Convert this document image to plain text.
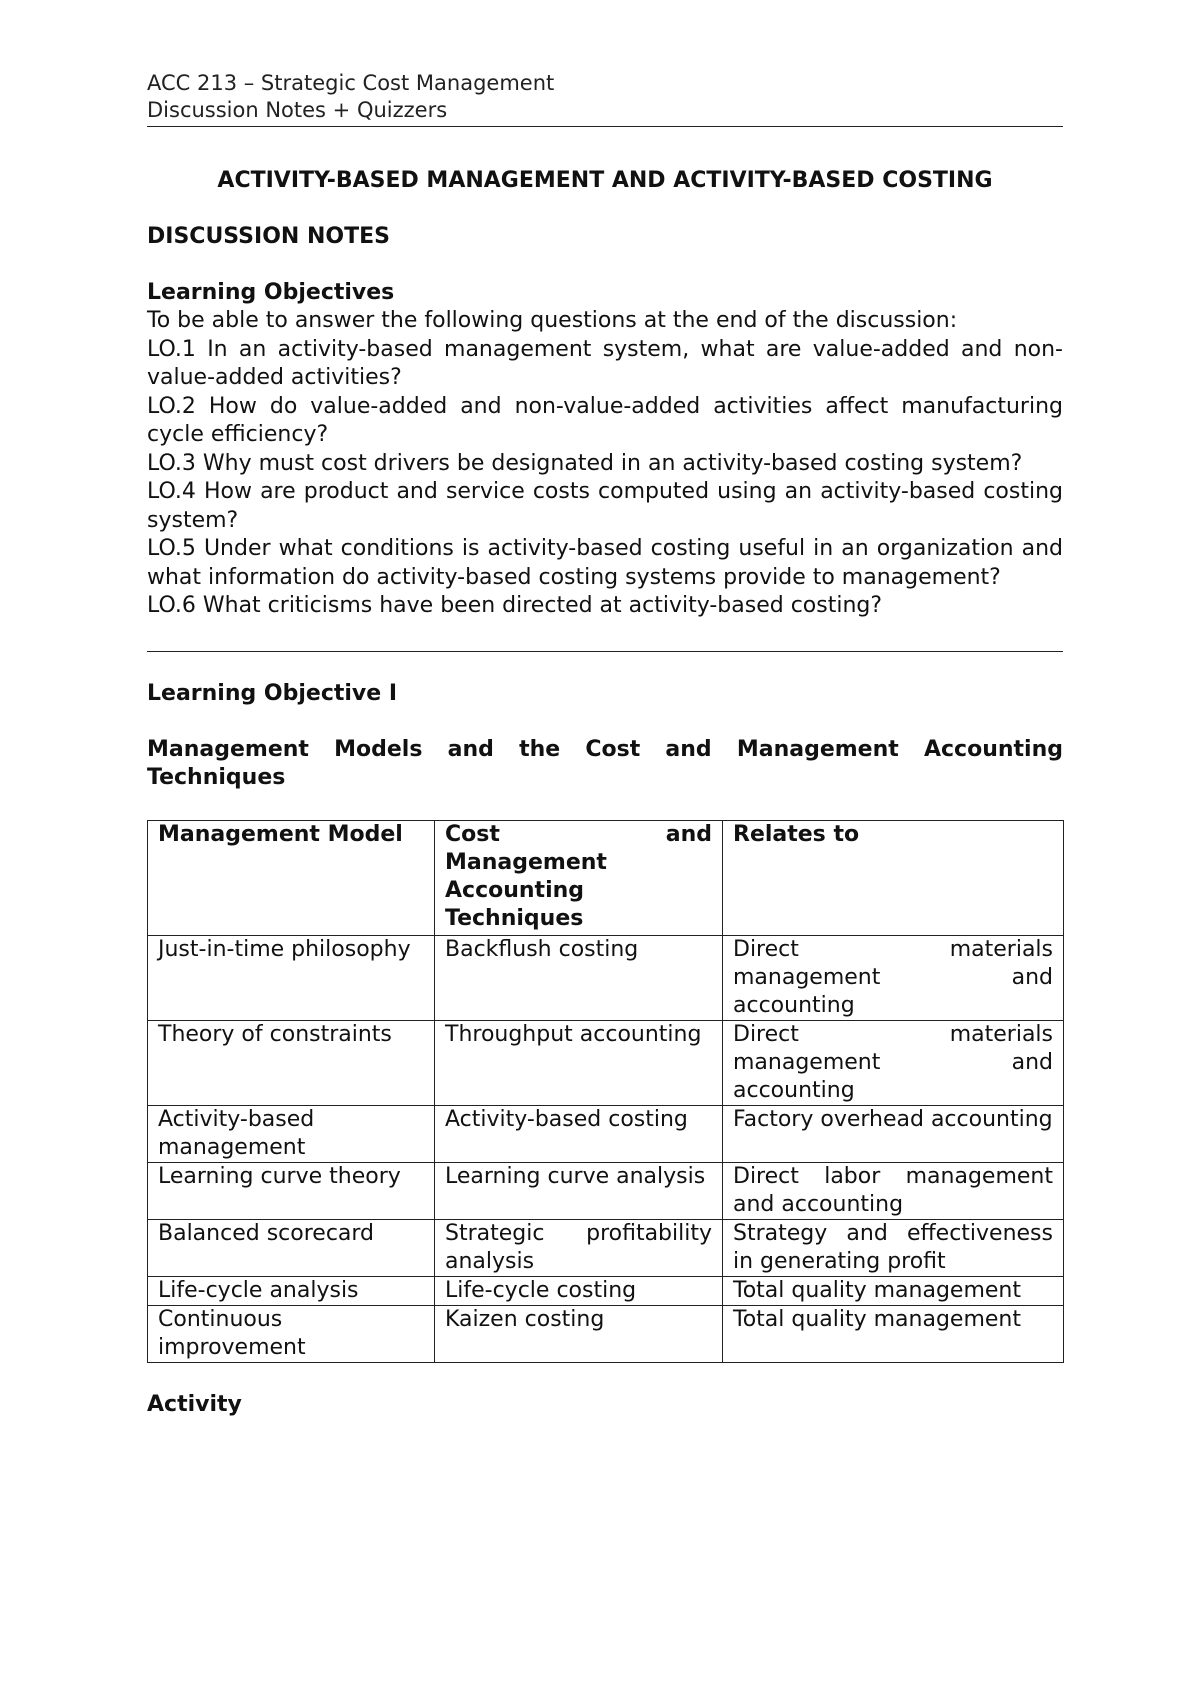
ACC 213 – Strategic Cost Management
Discussion Notes + Quizzers
ACTIVITY-BASED MANAGEMENT AND ACTIVITY-BASED COSTING
DISCUSSION NOTES
Learning Objectives
To be able to answer the following questions at the end of the discussion:
LO.1 In an activity-based management system, what are value-added and non-value-added activities?
LO.2 How do value-added and non-value-added activities affect manufacturing cycle efficiency?
LO.3 Why must cost drivers be designated in an activity-based costing system?
LO.4 How are product and service costs computed using an activity-based costing system?
LO.5 Under what conditions is activity-based costing useful in an organization and what information do activity-based costing systems provide to management?
LO.6 What criticisms have been directed at activity-based costing?
Learning Objective I
Management Models and the Cost and Management Accounting Techniques
Management Model	Cost and Management Accounting Techniques	Relates to
Just-in-time philosophy	Backflush costing	Direct materials management and accounting
Theory of constraints	Throughput accounting	Direct materials management and accounting
Activity-based management	Activity-based costing	Factory overhead accounting
Learning curve theory	Learning curve analysis	Direct labor management and accounting
Balanced scorecard	Strategic profitability analysis	Strategy and effectiveness in generating profit
Life-cycle analysis	Life-cycle costing	Total quality management
Continuous improvement	Kaizen costing	Total quality management
Activity
